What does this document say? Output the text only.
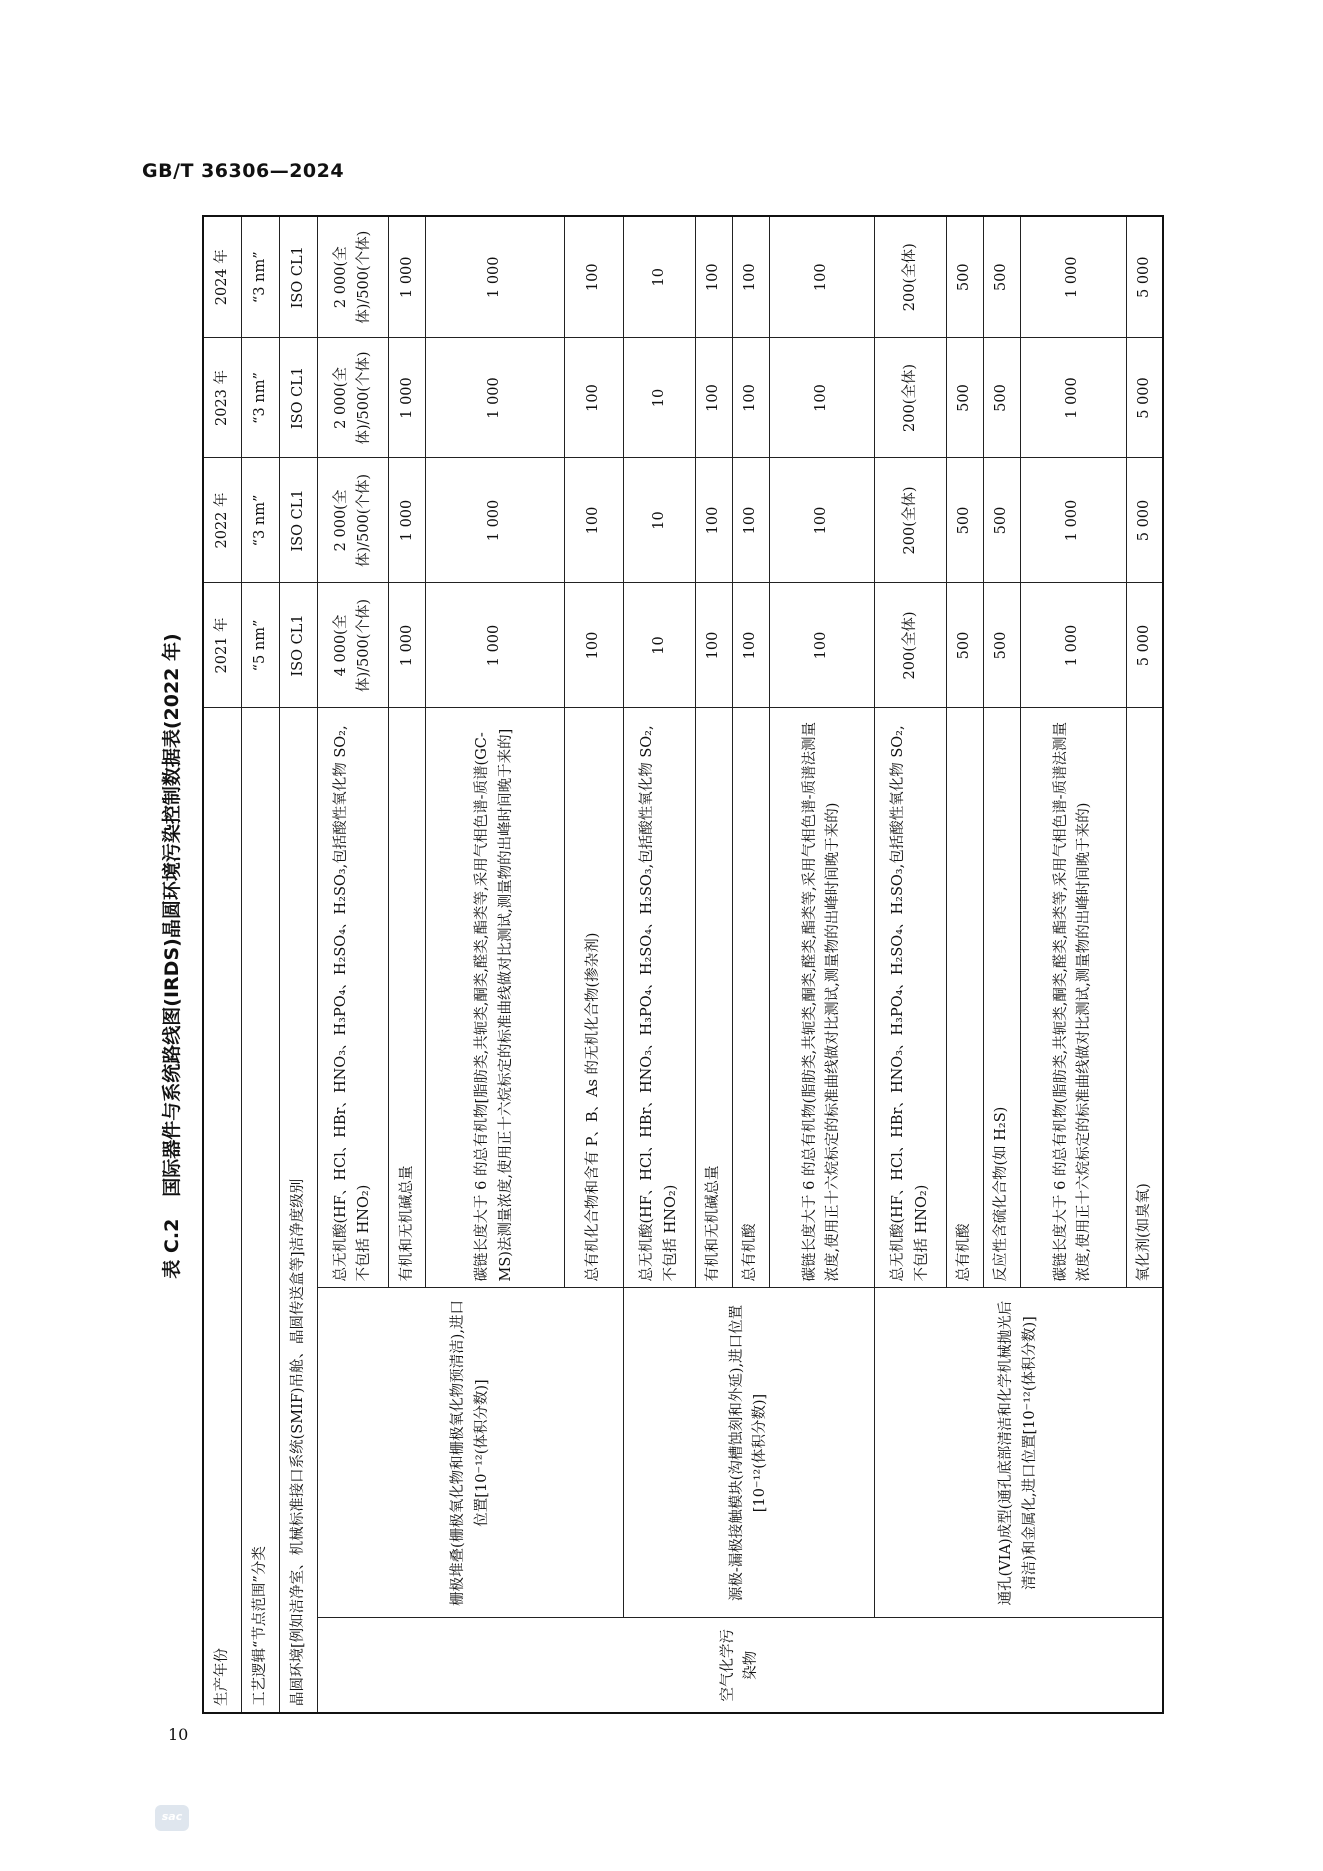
GB/T 36306—2024
表 C.2国际器件与系统路线图(IRDS)晶圆环境污染控制数据表(2022 年)
生产年份			2021 年	2022 年	2023 年	2024 年
工艺逻辑“节点范围”分类			“5 nm”	“3 nm”	“3 nm”	“3 nm”
晶圆环境[例如洁净室、机械标准接口系统(SMIF)吊舱、晶圆传送盒等]洁净度级别			ISO CL1	ISO CL1	ISO CL1	ISO CL1
空气化学污染物	栅极堆叠(栅极氧化物和栅极氧化物预清洁),进口位置[10⁻¹²(体积分数)]	总无机酸(HF、HCl、HBr、HNO₃、H₃PO₄、H₂SO₄、H₂SO₃,包括酸性氧化物 SO₂,不包括 HNO₂)	4 000(全体)/500(个体)	2 000(全体)/500(个体)	2 000(全体)/500(个体)	2 000(全体)/500(个体)
		有机和无机碱总量	1 000	1 000	1 000	1 000
		碳链长度大于 6 的总有机物[脂肪类,共轭类,酮类,醛类,酯类等,采用气相色谱-质谱(GC-MS)法测量浓度,使用正十六烷标定的标准曲线做对比测试,测量物的出峰时间晚于来的]	1 000	1 000	1 000	1 000
		总有机化合物和含有 P、B、As 的无机化合物(掺杂剂)	100	100	100	100
	源极-漏极接触模块(沟槽蚀刻和外延),进口位置[10⁻¹²(体积分数)]	总无机酸(HF、HCl、HBr、HNO₃、H₃PO₄、H₂SO₄、H₂SO₃,包括酸性氧化物 SO₂,不包括 HNO₂)	10	10	10	10
		有机和无机碱总量	100	100	100	100
		总有机酸	100	100	100	100
		碳链长度大于 6 的总有机物(脂肪类,共轭类,酮类,醛类,酯类等,采用气相色谱-质谱法测量浓度,使用正十六烷标定的标准曲线做对比测试,测量物的出峰时间晚于来的)	100	100	100	100
	通孔(VIA)成型(通孔底部清洁和化学机械抛光后清洁)和金属化,进口位置[10⁻¹²(体积分数)]	总无机酸(HF、HCl、HBr、HNO₃、H₃PO₄、H₂SO₄、H₂SO₃,包括酸性氧化物 SO₂,不包括 HNO₂)	200(全体)	200(全体)	200(全体)	200(全体)
		总有机酸	500	500	500	500
		反应性含硫化合物(如 H₂S)	500	500	500	500
		碳链长度大于 6 的总有机物(脂肪类,共轭类,酮类,醛类,酯类等,采用气相色谱-质谱法测量浓度,使用正十六烷标定的标准曲线做对比测试,测量物的出峰时间晚于来的)	1 000	1 000	1 000	1 000
		氧化剂(如臭氧)	5 000	5 000	5 000	5 000
10
sac
